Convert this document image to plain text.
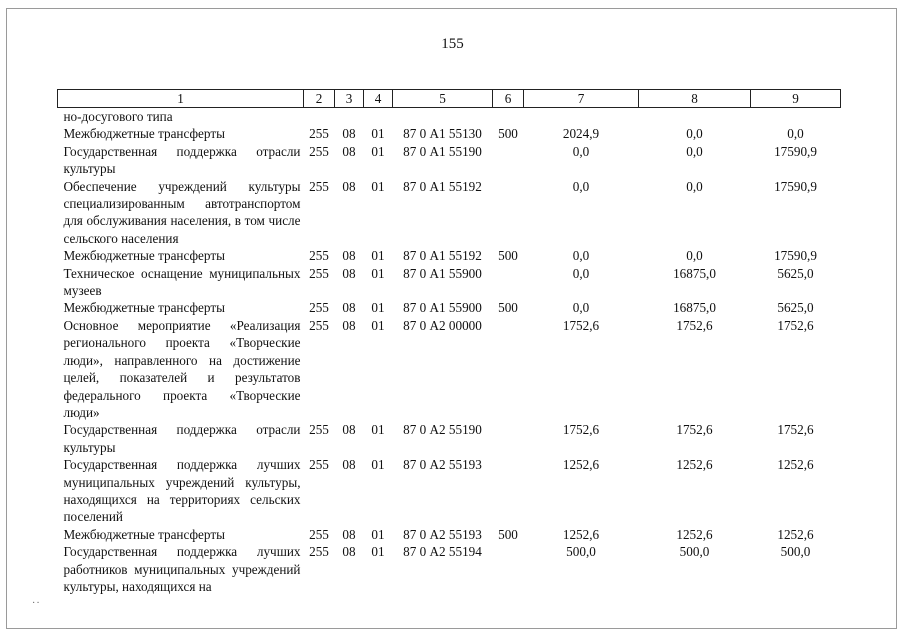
155
1	2	3	4	5	6	7	8	9
но-досугового типа								
Межбюджетные трансферты	255	08	01	87 0 А1 55130	500	2024,9	0,0	0,0
Государственная поддержка отрасли культуры	255	08	01	87 0 А1 55190		0,0	0,0	17590,9
Обеспечение учреждений культуры специализированным автотранспортом для обслуживания населения, в том числе сельского населения	255	08	01	87 0 А1 55192		0,0	0,0	17590,9
Межбюджетные трансферты	255	08	01	87 0 А1 55192	500	0,0	0,0	17590,9
Техническое оснащение муниципальных музеев	255	08	01	87 0 А1 55900		0,0	16875,0	5625,0
Межбюджетные трансферты	255	08	01	87 0 А1 55900	500	0,0	16875,0	5625,0
Основное мероприятие «Реализация регионального проекта «Творческие люди», направленного на достижение целей, показателей и результатов федерального проекта «Творческие люди»	255	08	01	87 0 А2 00000		1752,6	1752,6	1752,6
Государственная поддержка отрасли культуры	255	08	01	87 0 А2 55190		1752,6	1752,6	1752,6
Государственная поддержка лучших муниципальных учреждений культуры, находящихся на территориях сельских поселений	255	08	01	87 0 А2 55193		1252,6	1252,6	1252,6
Межбюджетные трансферты	255	08	01	87 0 А2 55193	500	1252,6	1252,6	1252,6
Государственная поддержка лучших работников муниципальных учреждений культуры, находящихся на	255	08	01	87 0 А2 55194		500,0	500,0	500,0
··
